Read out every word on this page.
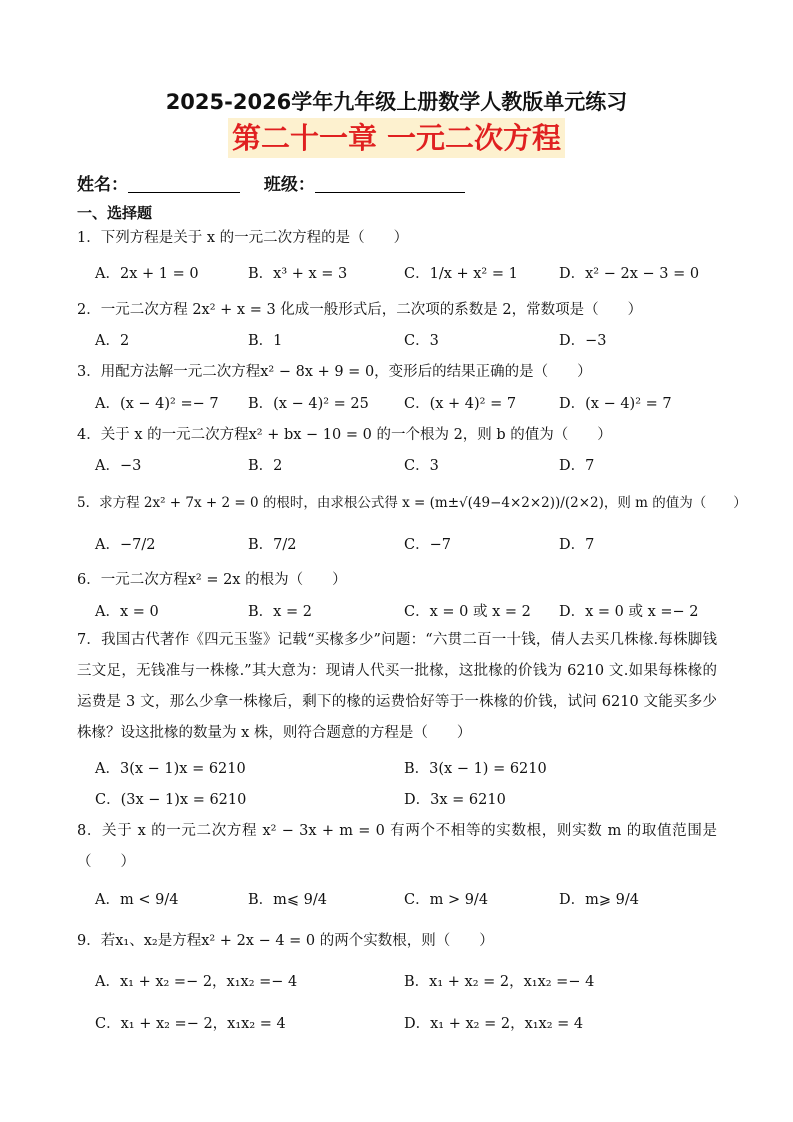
2025-2026学年九年级上册数学人教版单元练习
第二十一章 一元二次方程
姓名：	班级：
一、选择题
1．下列方程是关于 x 的一元二次方程的是（　　）
A．2x + 1 = 0	B．x³ + x = 3	C．1/x + x² = 1	D．x² − 2x − 3 = 0
2．一元二次方程 2x² + x = 3 化成一般形式后，二次项的系数是 2，常数项是（　　）
A．2	B．1	C．3	D．−3
3．用配方法解一元二次方程x² − 8x + 9 = 0，变形后的结果正确的是（　　）
A．(x − 4)² =− 7 B．(x − 4)² = 25 C．(x + 4)² = 7	D．(x − 4)² = 7
4．关于 x 的一元二次方程x² + bx − 10 = 0 的一个根为 2，则 b 的值为（　　）
A．−3	B．2	C．3	D．7
5．求方程 2x² + 7x + 2 = 0 的根时，由求根公式得 x = (m±√(49−4×2×2))/(2×2)，则 m 的值为（　　）
A．−7/2	B．7/2	C．−7	D．7
6．一元二次方程x² = 2x 的根为（　　）
A．x = 0	B．x = 2	C．x = 0 或 x = 2 D．x = 0 或 x =− 2
7．我国古代著作《四元玉鉴》记载“买椽多少”问题：“六贯二百一十钱，倩人去买几株椽.每株脚钱三文足，无钱准与一株椽.”其大意为：现请人代买一批椽，这批椽的价钱为 6210 文.如果每株椽的运费是 3 文，那么少拿一株椽后，剩下的椽的运费恰好等于一株椽的价钱，试问 6210 文能买多少株椽？设这批椽的数量为 x 株，则符合题意的方程是（　　）
A．3(x − 1)x = 6210	B．3(x − 1) = 6210
C．(3x − 1)x = 6210	D．3x = 6210
8．关于 x 的一元二次方程 x² − 3x + m = 0 有两个不相等的实数根，则实数 m 的取值范围是（　　）
A．m < 9/4	B．m⩽ 9/4	C．m > 9/4	D．m⩾ 9/4
9．若x₁、x₂是方程x² + 2x − 4 = 0 的两个实数根，则（　　）
A．x₁ + x₂ =− 2，x₁x₂ =− 4	B．x₁ + x₂ = 2，x₁x₂ =− 4
C．x₁ + x₂ =− 2，x₁x₂ = 4	D．x₁ + x₂ = 2，x₁x₂ = 4
